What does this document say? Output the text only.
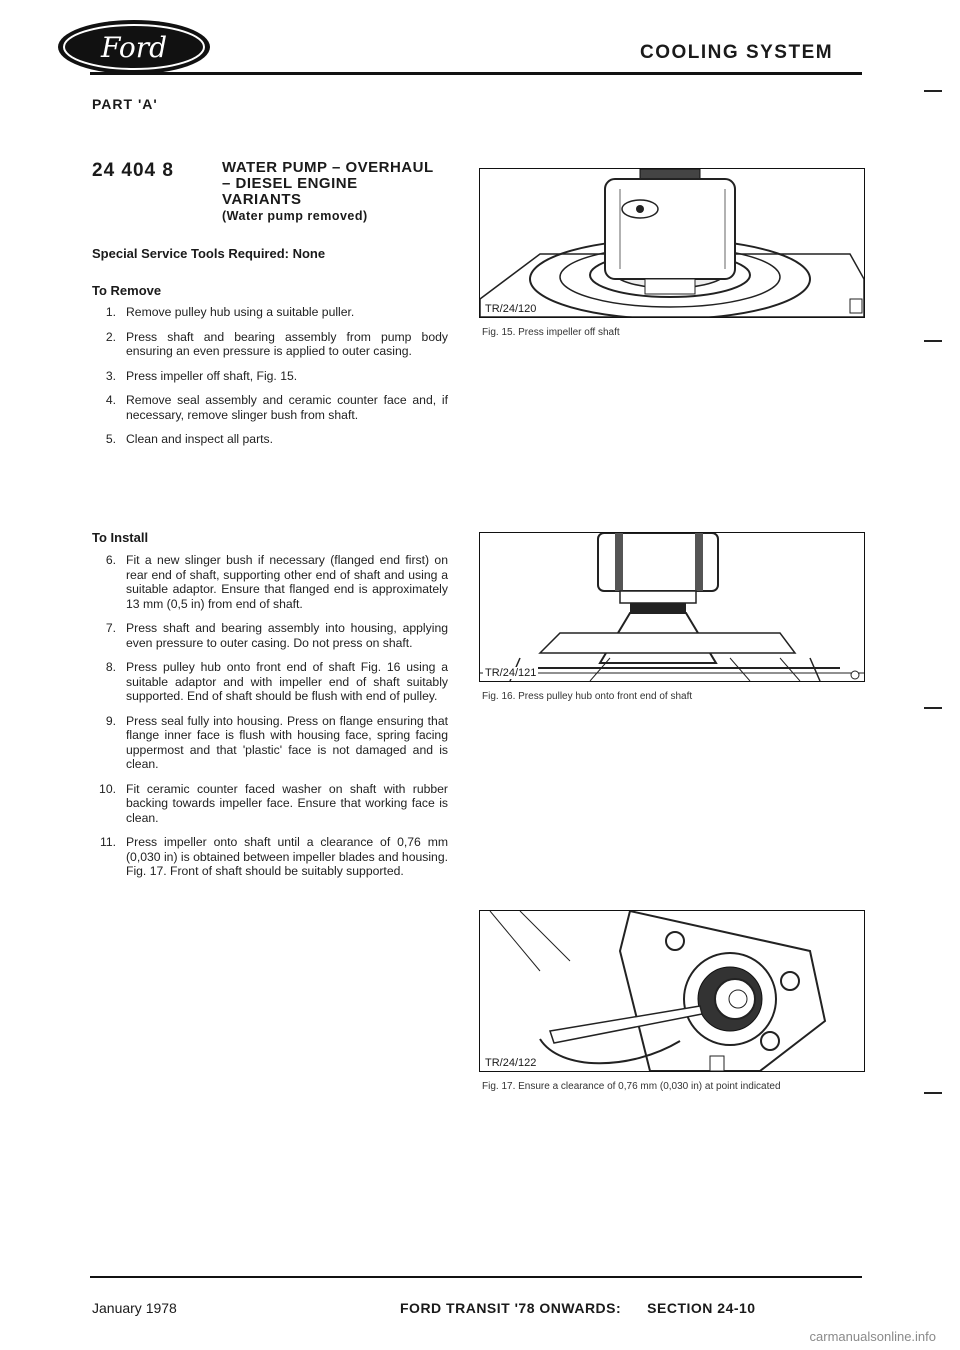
Ford	COOLING SYSTEM
PART 'A'
24 404 8	WATER PUMP – OVERHAUL
– DIESEL ENGINE
VARIANTS
(Water pump removed)
Special Service Tools Required: None
To Remove
1. Remove pulley hub using a suitable puller.
2. Press shaft and bearing assembly from pump body ensuring an even pressure is applied to outer casing.
3. Press impeller off shaft, Fig. 15.
4. Remove seal assembly and ceramic counter face and, if necessary, remove slinger bush from shaft.
5. Clean and inspect all parts.
To Install
6. Fit a new slinger bush if necessary (flanged end first) on rear end of shaft, supporting other end of shaft and using a suitable adaptor. Ensure that flanged end is approximately 13 mm (0,5 in) from end of shaft.
7. Press shaft and bearing assembly into housing, applying even pressure to outer casing. Do not press on shaft.
8. Press pulley hub onto front end of shaft Fig. 16 using a suitable adaptor and with impeller end of shaft suitably supported. End of shaft should be flush with end of pulley.
9. Press seal fully into housing. Press on flange ensuring that flange inner face is flush with housing face, spring facing uppermost and that 'plastic' face is not damaged and is clean.
10. Fit ceramic counter faced washer on shaft with rubber backing towards impeller face. Ensure that working face is clean.
11. Press impeller onto shaft until a clearance of 0,76 mm (0,030 in) is obtained between impeller blades and housing. Fig. 17. Front of shaft should be suitably supported.
TR/24/120
Fig. 15. Press impeller off shaft
TR/24/121
Fig. 16. Press pulley hub onto front end of shaft
TR/24/122
Fig. 17. Ensure a clearance of 0,76 mm (0,030 in) at point indicated
January 1978	FORD TRANSIT '78 ONWARDS: SECTION 24-10
carmanualsonline.info
